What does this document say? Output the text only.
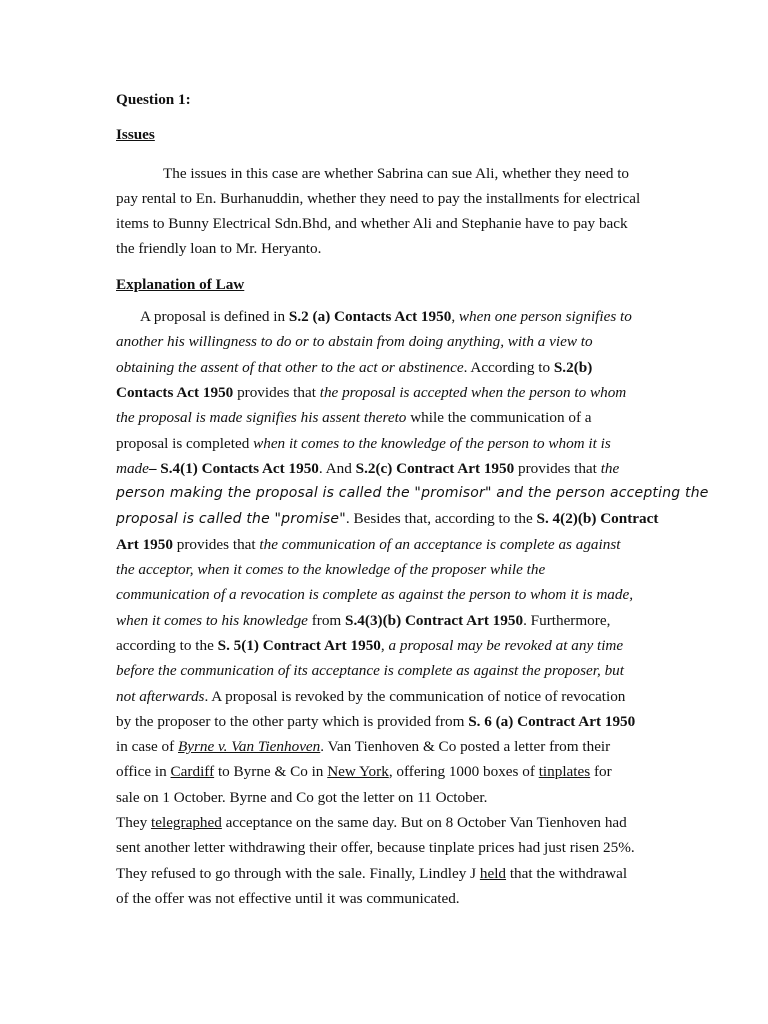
Question 1:
Issues
The issues in this case are whether Sabrina can sue Ali, whether they need to
pay rental to En. Burhanuddin, whether they need to pay the installments for electrical
items to Bunny Electrical Sdn.Bhd, and whether Ali and Stephanie have to pay back
the friendly loan to Mr. Heryanto.
Explanation of Law
A proposal is defined in S.2 (a) Contacts Act 1950, when one person signifies to
another his willingness to do or to abstain from doing anything, with a view to
obtaining the assent of that other to the act or abstinence. According to S.2(b)
Contacts Act 1950 provides that the proposal is accepted when the person to whom
the proposal is made signifies his assent thereto while the communication of a
proposal is completed when it comes to the knowledge of the person to whom it is
made– S.4(1) Contacts Act 1950. And S.2(c) Contract Art 1950 provides that the
person making the proposal is called the "promisor" and the person accepting the
proposal is called the "promise". Besides that, according to the S. 4(2)(b) Contract
Art 1950 provides that the communication of an acceptance is complete as against
the acceptor, when it comes to the knowledge of the proposer while the
communication of a revocation is complete as against the person to whom it is made,
when it comes to his knowledge from S.4(3)(b) Contract Art 1950. Furthermore,
according to the S. 5(1) Contract Art 1950, a proposal may be revoked at any time
before the communication of its acceptance is complete as against the proposer, but
not afterwards. A proposal is revoked by the communication of notice of revocation
by the proposer to the other party which is provided from S. 6 (a) Contract Art 1950
in case of Byrne v. Van Tienhoven. Van Tienhoven & Co posted a letter from their
office in Cardiff to Byrne & Co in New York, offering 1000 boxes of tinplates for
sale on 1 October. Byrne and Co got the letter on 11 October.
They telegraphed acceptance on the same day. But on 8 October Van Tienhoven had
sent another letter withdrawing their offer, because tinplate prices had just risen 25%.
They refused to go through with the sale. Finally, Lindley J held that the withdrawal
of the offer was not effective until it was communicated.
